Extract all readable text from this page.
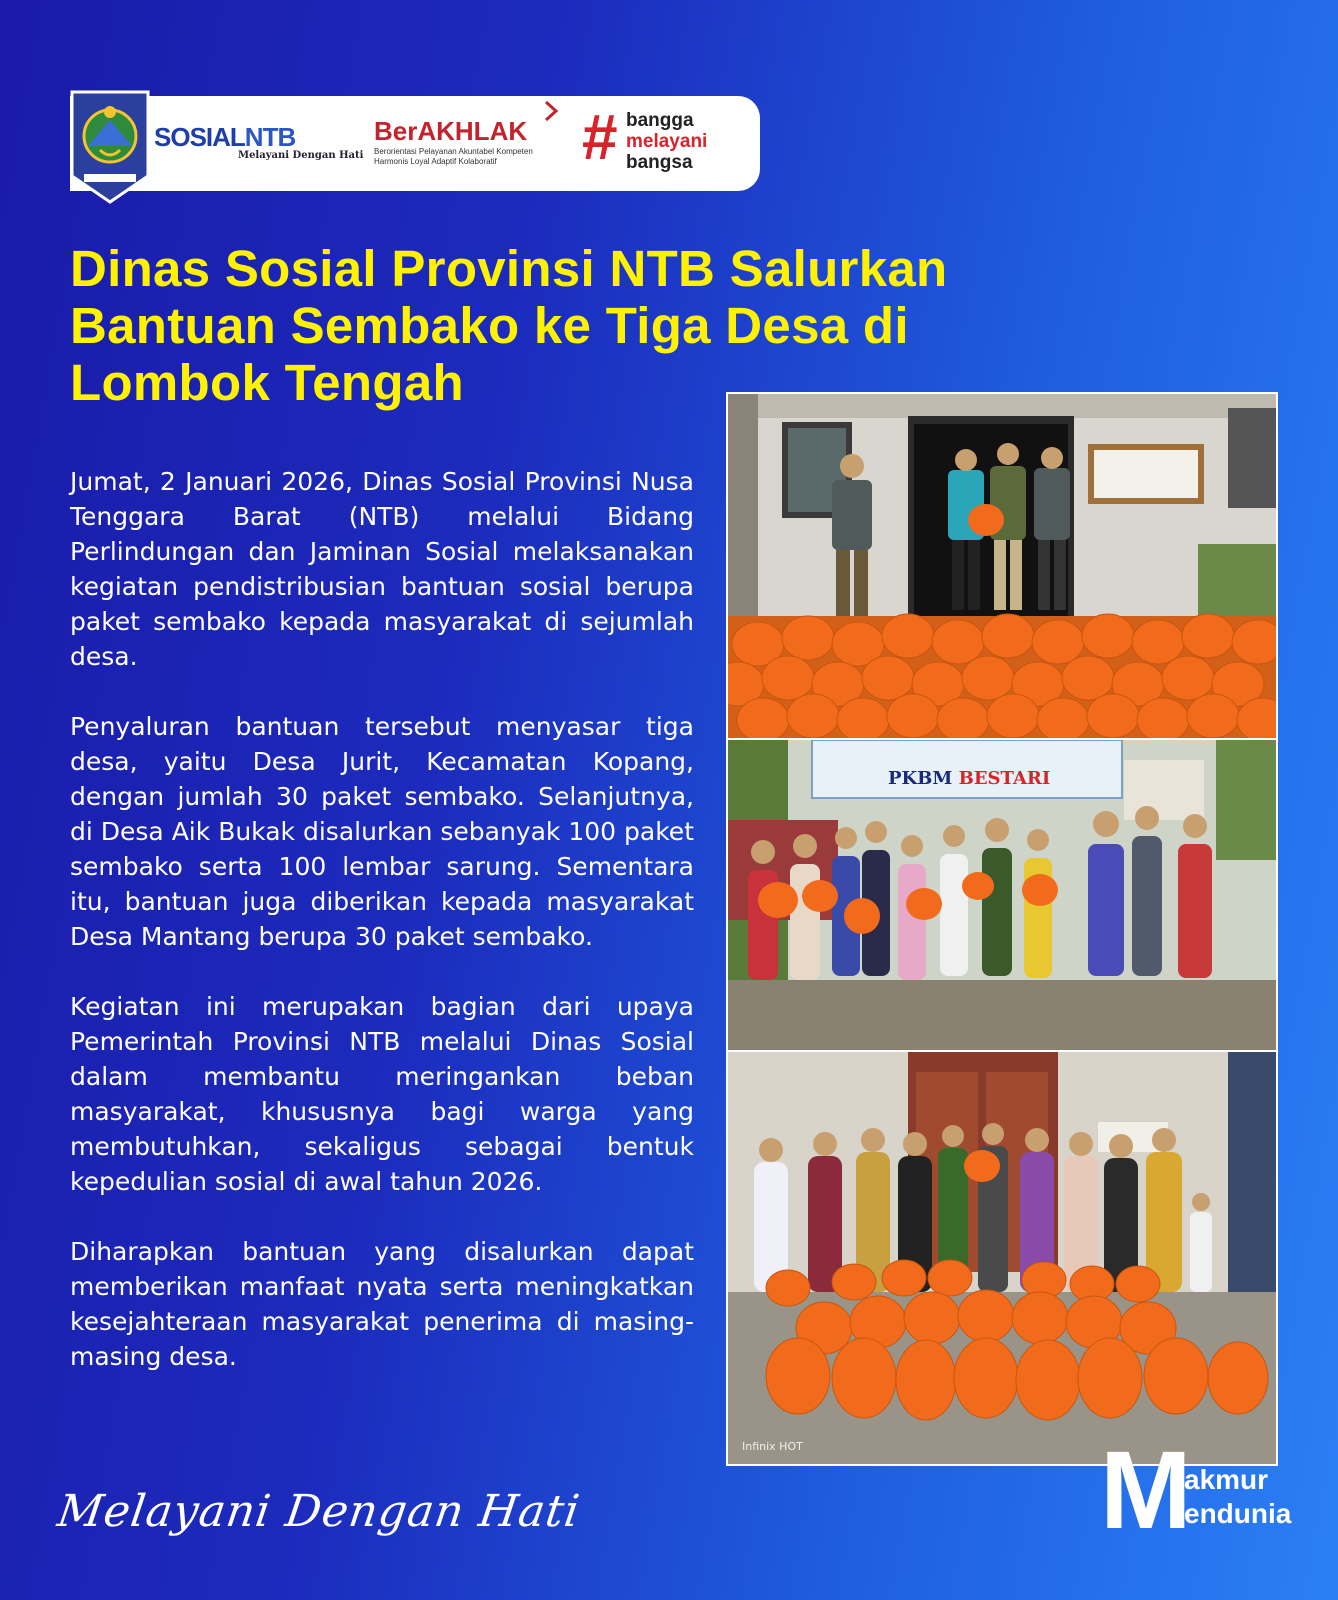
SOSIALNTB
Melayani Dengan Hati
BerAKHLAK
Berorientasi Pelayanan Akuntabel Kompeten
Harmonis Loyal Adaptif Kolaboratif	# bangga
melayani
bangsa
Dinas Sosial Provinsi NTB Salurkan Bantuan Sembako ke Tiga Desa di Lombok Tengah

Jumat, 2 Januari 2026, Dinas Sosial Provinsi Nusa Tenggara Barat (NTB) melalui Bidang Perlindungan dan Jaminan Sosial melaksanakan kegiatan pendistribusian bantuan sosial berupa paket sembako kepada masyarakat di sejumlah desa.

Penyaluran bantuan tersebut menyasar tiga desa, yaitu Desa Jurit, Kecamatan Kopang, dengan jumlah 30 paket sembako. Selanjutnya, di Desa Aik Bukak disalurkan sebanyak 100 paket sembako serta 100 lembar sarung. Sementara itu, bantuan juga diberikan kepada masyarakat Desa Mantang berupa 30 paket sembako.

Kegiatan ini merupakan bagian dari upaya Pemerintah Provinsi NTB melalui Dinas Sosial dalam membantu meringankan beban masyarakat, khususnya bagi warga yang membutuhkan, sekaligus sebagai bentuk kepedulian sosial di awal tahun 2026.

Diharapkan bantuan yang disalurkan dapat memberikan manfaat nyata serta meningkatkan kesejahteraan masyarakat penerima di masing-masing desa.

PKBM BESTARI
Infinix HOT
Melayani Dengan Hati	M
akmur
endunia
